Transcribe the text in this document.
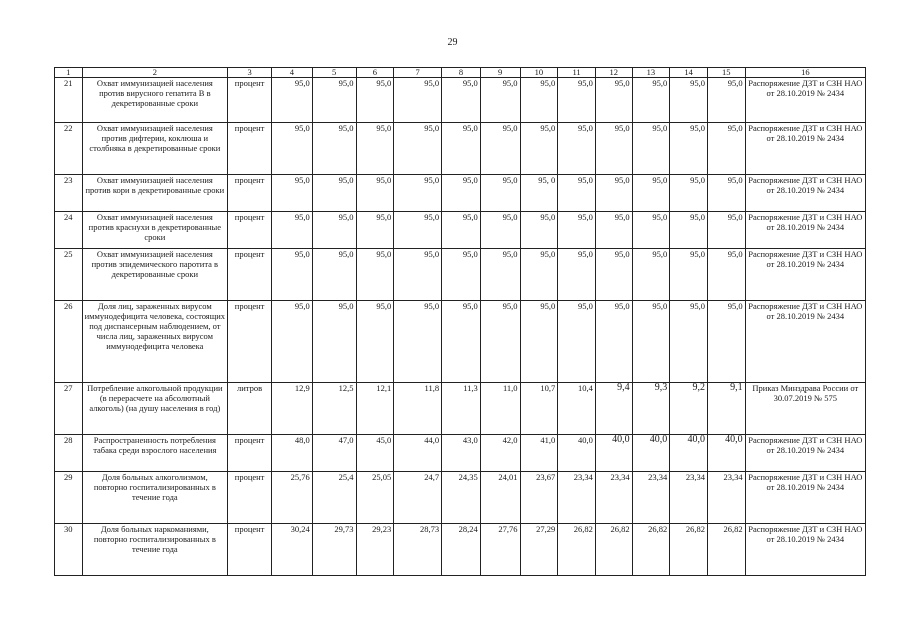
29
1	2	3	4	5	6	7	8	9	10	11	12	13	14	15	16
21	Охват иммунизацией населения против вирусного гепатита В в декретированные сроки	процент	95,0	95,0	95,0	95,0	95,0	95,0	95,0	95,0	95,0	95,0	95,0	95,0	Распоряжение ДЗТ и СЗН НАО от 28.10.2019 № 2434
22	Охват иммунизацией населения против дифтерии, коклюша и столбняка в декретированные сроки	процент	95,0	95,0	95,0	95,0	95,0	95,0	95,0	95,0	95,0	95,0	95,0	95,0	Распоряжение ДЗТ и СЗН НАО от 28.10.2019 № 2434
23	Охват иммунизацией населения против кори в декретированные сроки	процент	95,0	95,0	95,0	95,0	95,0	95,0	95, 0	95,0	95,0	95,0	95,0	95,0	Распоряжение ДЗТ и СЗН НАО от 28.10.2019 № 2434
24	Охват иммунизацией населения против краснухи в декретированные сроки	процент	95,0	95,0	95,0	95,0	95,0	95,0	95,0	95,0	95,0	95,0	95,0	95,0	Распоряжение ДЗТ и СЗН НАО от 28.10.2019 № 2434
25	Охват иммунизацией населения против эпидемического паротита в декретированные сроки	процент	95,0	95,0	95,0	95,0	95,0	95,0	95,0	95,0	95,0	95,0	95,0	95,0	Распоряжение ДЗТ и СЗН НАО от 28.10.2019 № 2434
26	Доля лиц, зараженных вирусом иммунодефицита человека, состоящих под диспансерным наблюдением, от числа лиц, зараженных вирусом иммунодефицита человека	процент	95,0	95,0	95,0	95,0	95,0	95,0	95,0	95,0	95,0	95,0	95,0	95,0	Распоряжение ДЗТ и СЗН НАО от 28.10.2019 № 2434
27	Потребление алкогольной продукции (в перерасчете на абсолютный алкоголь) (на душу населения в год)	литров	12,9	12,5	12,1	11,8	11,3	11,0	10,7	10,4	9,4	9,3	9,2	9,1	Приказ Минздрава России от 30.07.2019 № 575
28	Распространенность потребления табака среди взрослого населения	процент	48,0	47,0	45,0	44,0	43,0	42,0	41,0	40,0	40,0	40,0	40,0	40,0	Распоряжение ДЗТ и СЗН НАО от 28.10.2019 № 2434
29	Доля больных алкоголизмом, повторно госпитализированных в течение года	процент	25,76	25,4	25,05	24,7	24,35	24,01	23,67	23,34	23,34	23,34	23,34	23,34	Распоряжение ДЗТ и СЗН НАО от 28.10.2019 № 2434
30	Доля больных наркоманиями, повторно госпитализированных в течение года	процент	30,24	29,73	29,23	28,73	28,24	27,76	27,29	26,82	26,82	26,82	26,82	26,82	Распоряжение ДЗТ и СЗН НАО от 28.10.2019 № 2434
